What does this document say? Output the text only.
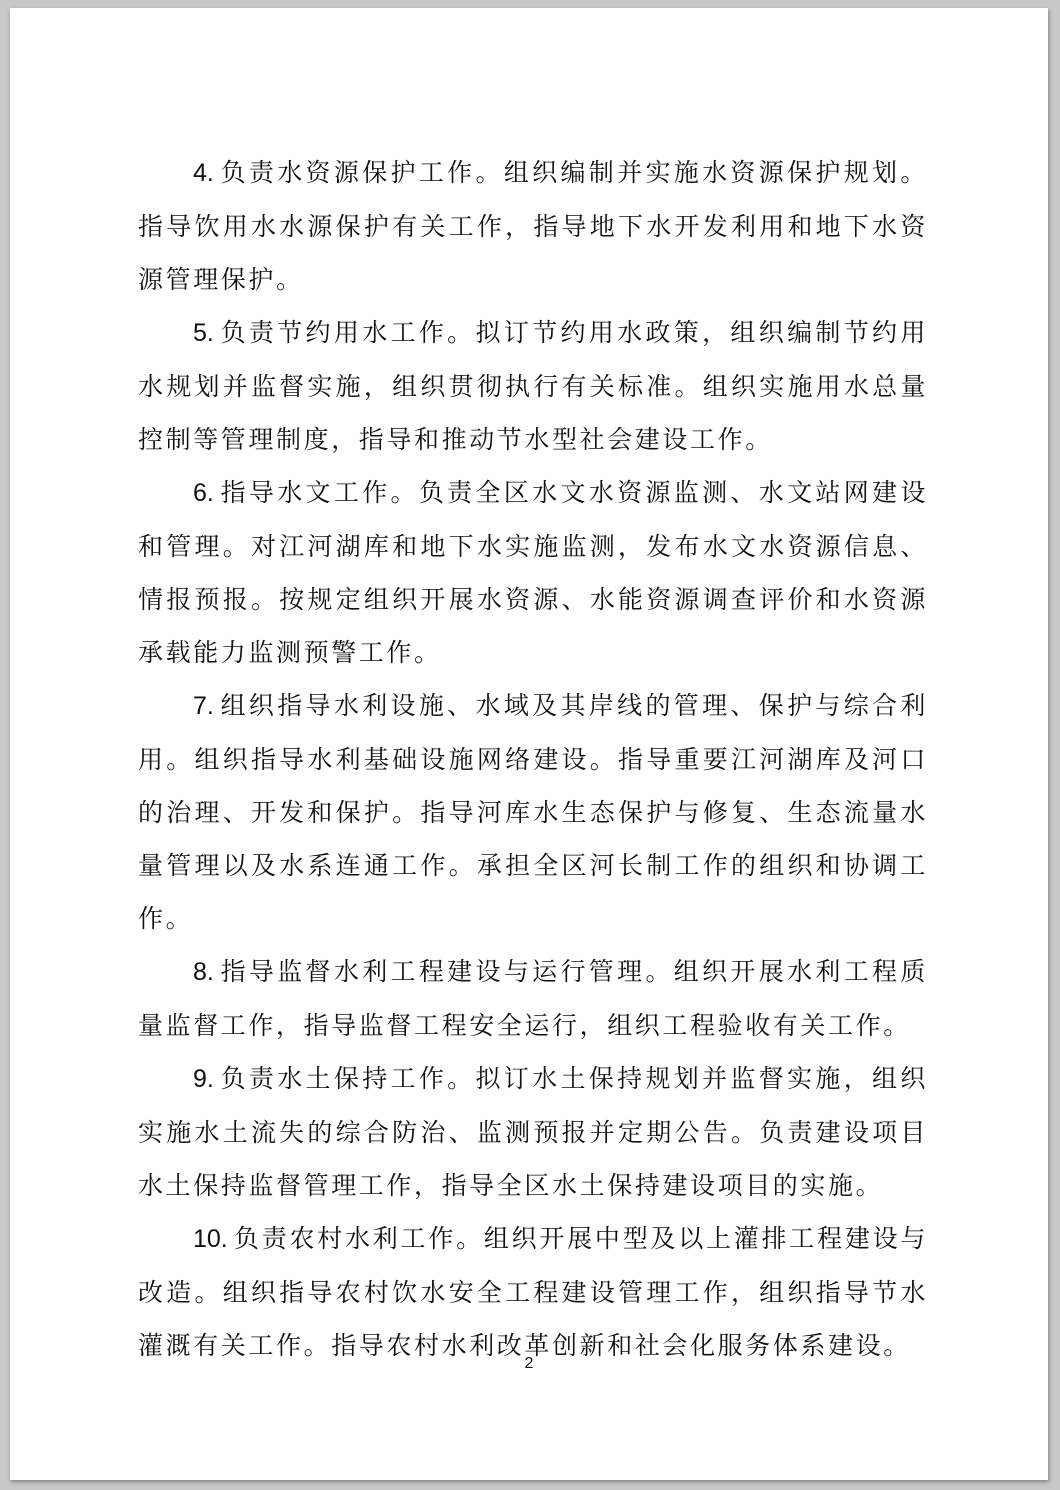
4. 负责水资源保护工作。组织编制并实施水资源保护规划。指导饮用水水源保护有关工作，指导地下水开发利用和地下水资源管理保护。

5. 负责节约用水工作。拟订节约用水政策，组织编制节约用水规划并监督实施，组织贯彻执行有关标准。组织实施用水总量控制等管理制度，指导和推动节水型社会建设工作。

6. 指导水文工作。负责全区水文水资源监测、水文站网建设和管理。对江河湖库和地下水实施监测，发布水文水资源信息、情报预报。按规定组织开展水资源、水能资源调查评价和水资源承载能力监测预警工作。

7. 组织指导水利设施、水域及其岸线的管理、保护与综合利用。组织指导水利基础设施网络建设。指导重要江河湖库及河口的治理、开发和保护。指导河库水生态保护与修复、生态流量水量管理以及水系连通工作。承担全区河长制工作的组织和协调工作。

8. 指导监督水利工程建设与运行管理。组织开展水利工程质量监督工作，指导监督工程安全运行，组织工程验收有关工作。

9. 负责水土保持工作。拟订水土保持规划并监督实施，组织实施水土流失的综合防治、监测预报并定期公告。负责建设项目水土保持监督管理工作，指导全区水土保持建设项目的实施。

10. 负责农村水利工作。组织开展中型及以上灌排工程建设与改造。组织指导农村饮水安全工程建设管理工作，组织指导节水灌溉有关工作。指导农村水利改革创新和社会化服务体系建设。

2
